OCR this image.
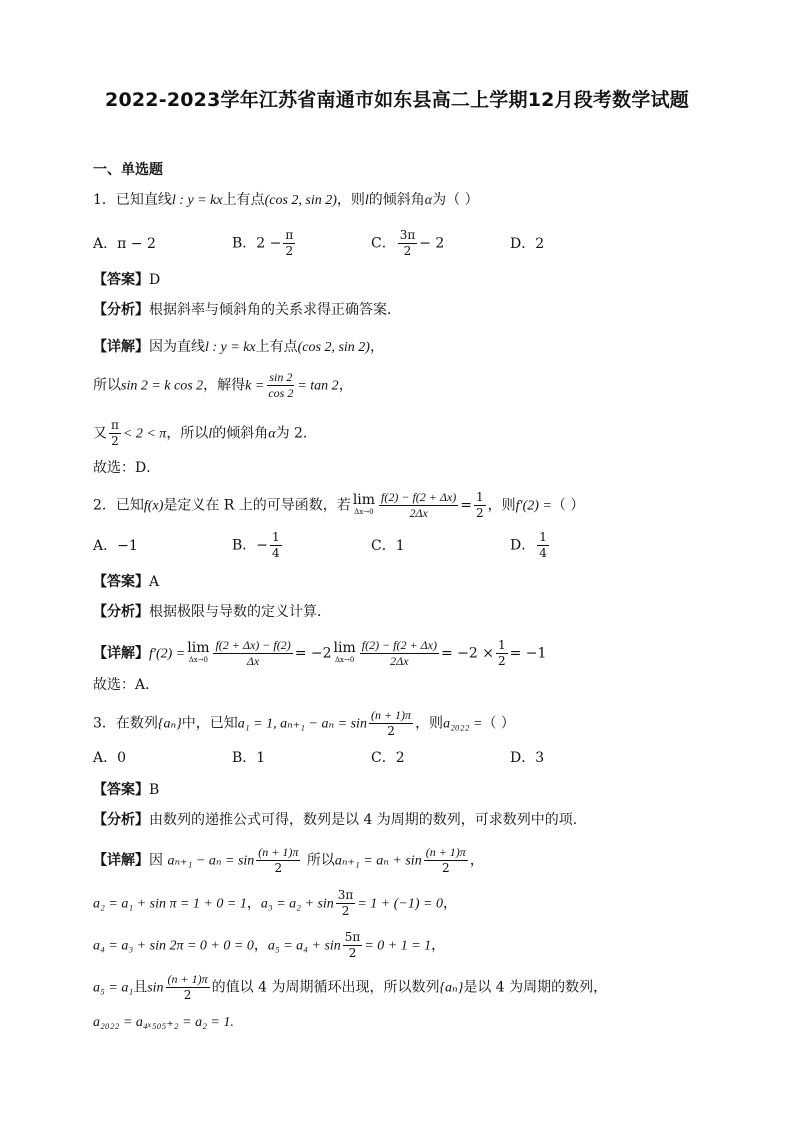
2022-2023学年江苏省南通市如东县高二上学期12月段考数学试题
一、单选题
1．已知直线l : y = kx上有点(cos 2, sin 2)，则l的倾斜角α为（ ）
A．π − 2	B．$2 - \frac{\pi}{2}$	C． $\frac{3\pi}{2} - 2$	D．2
【答案】D
【分析】根据斜率与倾斜角的关系求得正确答案.
【详解】因为直线l : y = kx上有点(cos 2, sin 2)，
所以sin 2 = k cos 2，解得$k = \frac{\sin 2}{\cos 2} = \tan 2$，
又 $\frac{\pi}{2} < 2 < \pi$，所以l的倾斜角α为 2.
故选：D．
2．已知f(x)是定义在 R 上的可导函数，若 lim
$\Delta x\to 0 \frac{f(2) - f(2 + \Delta x)}{2\Delta x} = \frac{1}{2}$ ，则f′(2) =（ ）
A．−1	B．− $\frac{1}{4}$	C．1	D． $\frac{1}{4}$
【答案】A
【分析】根据极限与导数的定义计算．
【详解】f′(2) = lim
$\Delta x\to 0 \frac{f(2 + \Delta x) - f(2)}{\Delta x} = -2$ lim
$\Delta x\to 0 \frac{f(2) - f(2 + \Delta x)}{2\Delta x} = -2 \times \frac{1}{2} = -1$
故选：A．
3．在数列{aₙ}中，已知a₁ = 1, $a_{n+1} - a_n = \sin \frac{(n + 1)\pi}{2}$ ，则a₂₀₂₂ =（ ）
A．0	B．1	C．2	D．3
【答案】B
【分析】由数列的递推公式可得，数列是以 4 为周期的数列，可求数列中的项.
【详解】因 $a_{n+1} - a_n = \sin \frac{(n + 1)\pi}{2}$ 所以$a_{n+1} = a_n + \sin \frac{(n + 1)\pi}{2}$ ，
a₂ = a₁ + sin π = 1 + 0 = 1，$a_3 = a_2 + \sin \frac{3\pi}{2} = 1 + (-1) = 0$，
a₄ = a₃ + sin 2π = 0 + 0 = 0，$a_5 = a_4 + \sin \frac{5\pi}{2} = 0 + 1 = 1$，
a₅ = a₁且$\sin \frac{(n + 1)\pi}{2}$ 的值以 4 为周期循环出现，所以数列{aₙ}是以 4 为周期的数列，
a₂₀₂₂ = a₄ₓ₅₀₅₊₂ = a₂ = 1.
